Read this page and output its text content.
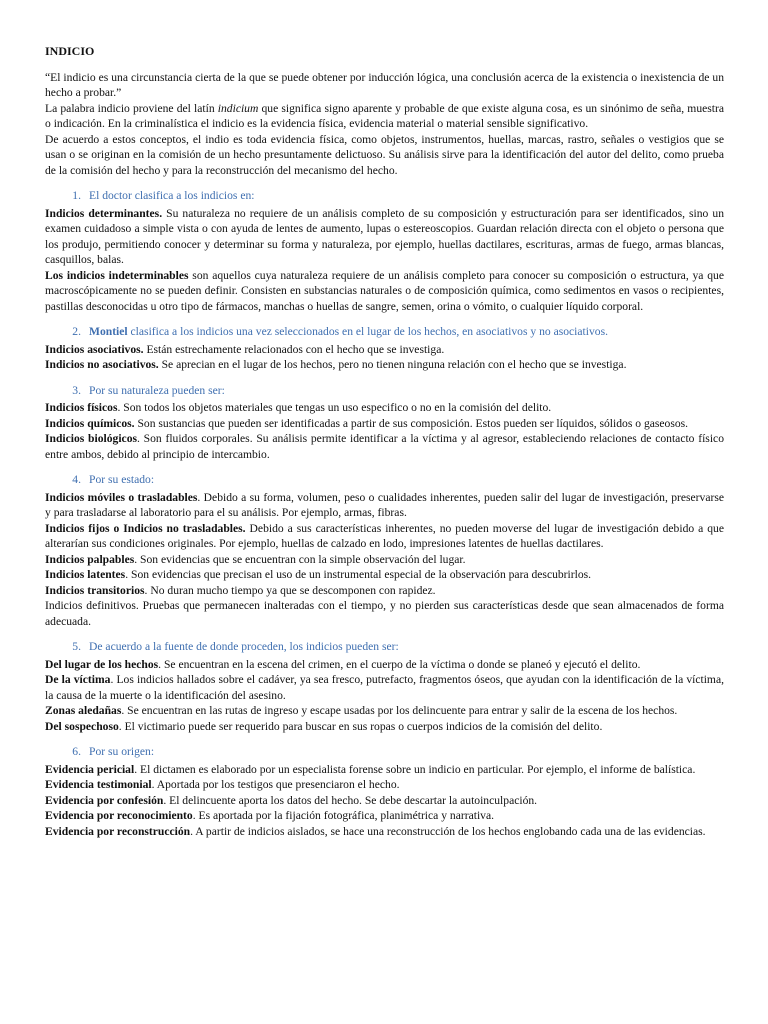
INDICIO

“El indicio es una circunstancia cierta de la que se puede obtener por inducción lógica, una conclusión acerca de la existencia o inexistencia de un hecho a probar.”

La palabra indicio proviene del latín indicium que significa signo aparente y probable de que existe alguna cosa, es un sinónimo de seña, muestra o indicación. En la criminalística el indicio es la evidencia física, evidencia material o material sensible significativo.

De acuerdo a estos conceptos, el indio es toda evidencia física, como objetos, instrumentos, huellas, marcas, rastro, señales o vestigios que se usan o se originan en la comisión de un hecho presuntamente delictuoso. Su análisis sirve para la identificación del autor del delito, como prueba de la comisión del hecho y para la reconstrucción del mecanismo del hecho.

1. El doctor clasifica a los indicios en:

Indicios determinantes. Su naturaleza no requiere de un análisis completo de su composición y estructuración para ser identificados, sino un examen cuidadoso a simple vista o con ayuda de lentes de aumento, lupas o estereoscopios. Guardan relación directa con el objeto o persona que los produjo, permitiendo conocer y determinar su forma y naturaleza, por ejemplo, huellas dactilares, escrituras, armas de fuego, armas blancas, casquillos, balas.

Los indicios indeterminables son aquellos cuya naturaleza requiere de un análisis completo para conocer su composición o estructura, ya que macroscópicamente no se pueden definir. Consisten en substancias naturales o de composición química, como sedimentos en vasos o recipientes, pastillas desconocidas u otro tipo de fármacos, manchas o huellas de sangre, semen, orina o vómito, o cualquier líquido corporal.

2. Montiel clasifica a los indicios una vez seleccionados en el lugar de los hechos, en asociativos y no asociativos.

Indicios asociativos. Están estrechamente relacionados con el hecho que se investiga.

Indicios no asociativos. Se aprecian en el lugar de los hechos, pero no tienen ninguna relación con el hecho que se investiga.

3. Por su naturaleza pueden ser:

Indicios físicos. Son todos los objetos materiales que tengas un uso especifico o no en la comisión del delito.

Indicios químicos. Son sustancias que pueden ser identificadas a partir de sus composición. Estos pueden ser líquidos, sólidos o gaseosos.

Indicios biológicos. Son fluidos corporales. Su análisis permite identificar a la víctima y al agresor, estableciendo relaciones de contacto físico entre ambos, debido al principio de intercambio.

4. Por su estado:

Indicios móviles o trasladables. Debido a su forma, volumen, peso o cualidades inherentes, pueden salir del lugar de investigación, preservarse y para trasladarse al laboratorio para el su análisis. Por ejemplo, armas, fibras.

Indicios fijos o Indicios no trasladables. Debido a sus características inherentes, no pueden moverse del lugar de investigación debido a que alterarían sus condiciones originales. Por ejemplo, huellas de calzado en lodo, impresiones latentes de huellas dactilares.

Indicios palpables. Son evidencias que se encuentran con la simple observación del lugar.

Indicios latentes. Son evidencias que precisan el uso de un instrumental especial de la observación para descubrirlos.

Indicios transitorios. No duran mucho tiempo ya que se descomponen con rapidez.

Indicios definitivos. Pruebas que permanecen inalteradas con el tiempo, y no pierden sus características desde que sean almacenados de forma adecuada.

5. De acuerdo a la fuente de donde proceden, los indicios pueden ser:

Del lugar de los hechos. Se encuentran en la escena del crimen, en el cuerpo de la víctima o donde se planeó y ejecutó el delito.

De la víctima. Los indicios hallados sobre el cadáver, ya sea fresco, putrefacto, fragmentos óseos, que ayudan con la identificación de la víctima, la causa de la muerte o la identificación del asesino.

Zonas aledañas. Se encuentran en las rutas de ingreso y escape usadas por los delincuente para entrar y salir de la escena de los hechos.

Del sospechoso. El victimario puede ser requerido para buscar en sus ropas o cuerpos indicios de la comisión del delito.

6. Por su origen:

Evidencia pericial. El dictamen es elaborado por un especialista forense sobre un indicio en particular. Por ejemplo, el informe de balística.

Evidencia testimonial. Aportada por los testigos que presenciaron el hecho.

Evidencia por confesión. El delincuente aporta los datos del hecho. Se debe descartar la autoinculpación.

Evidencia por reconocimiento. Es aportada por la fijación fotográfica, planimétrica y narrativa.

Evidencia por reconstrucción. A partir de indicios aislados, se hace una reconstrucción de los hechos englobando cada una de las evidencias.
